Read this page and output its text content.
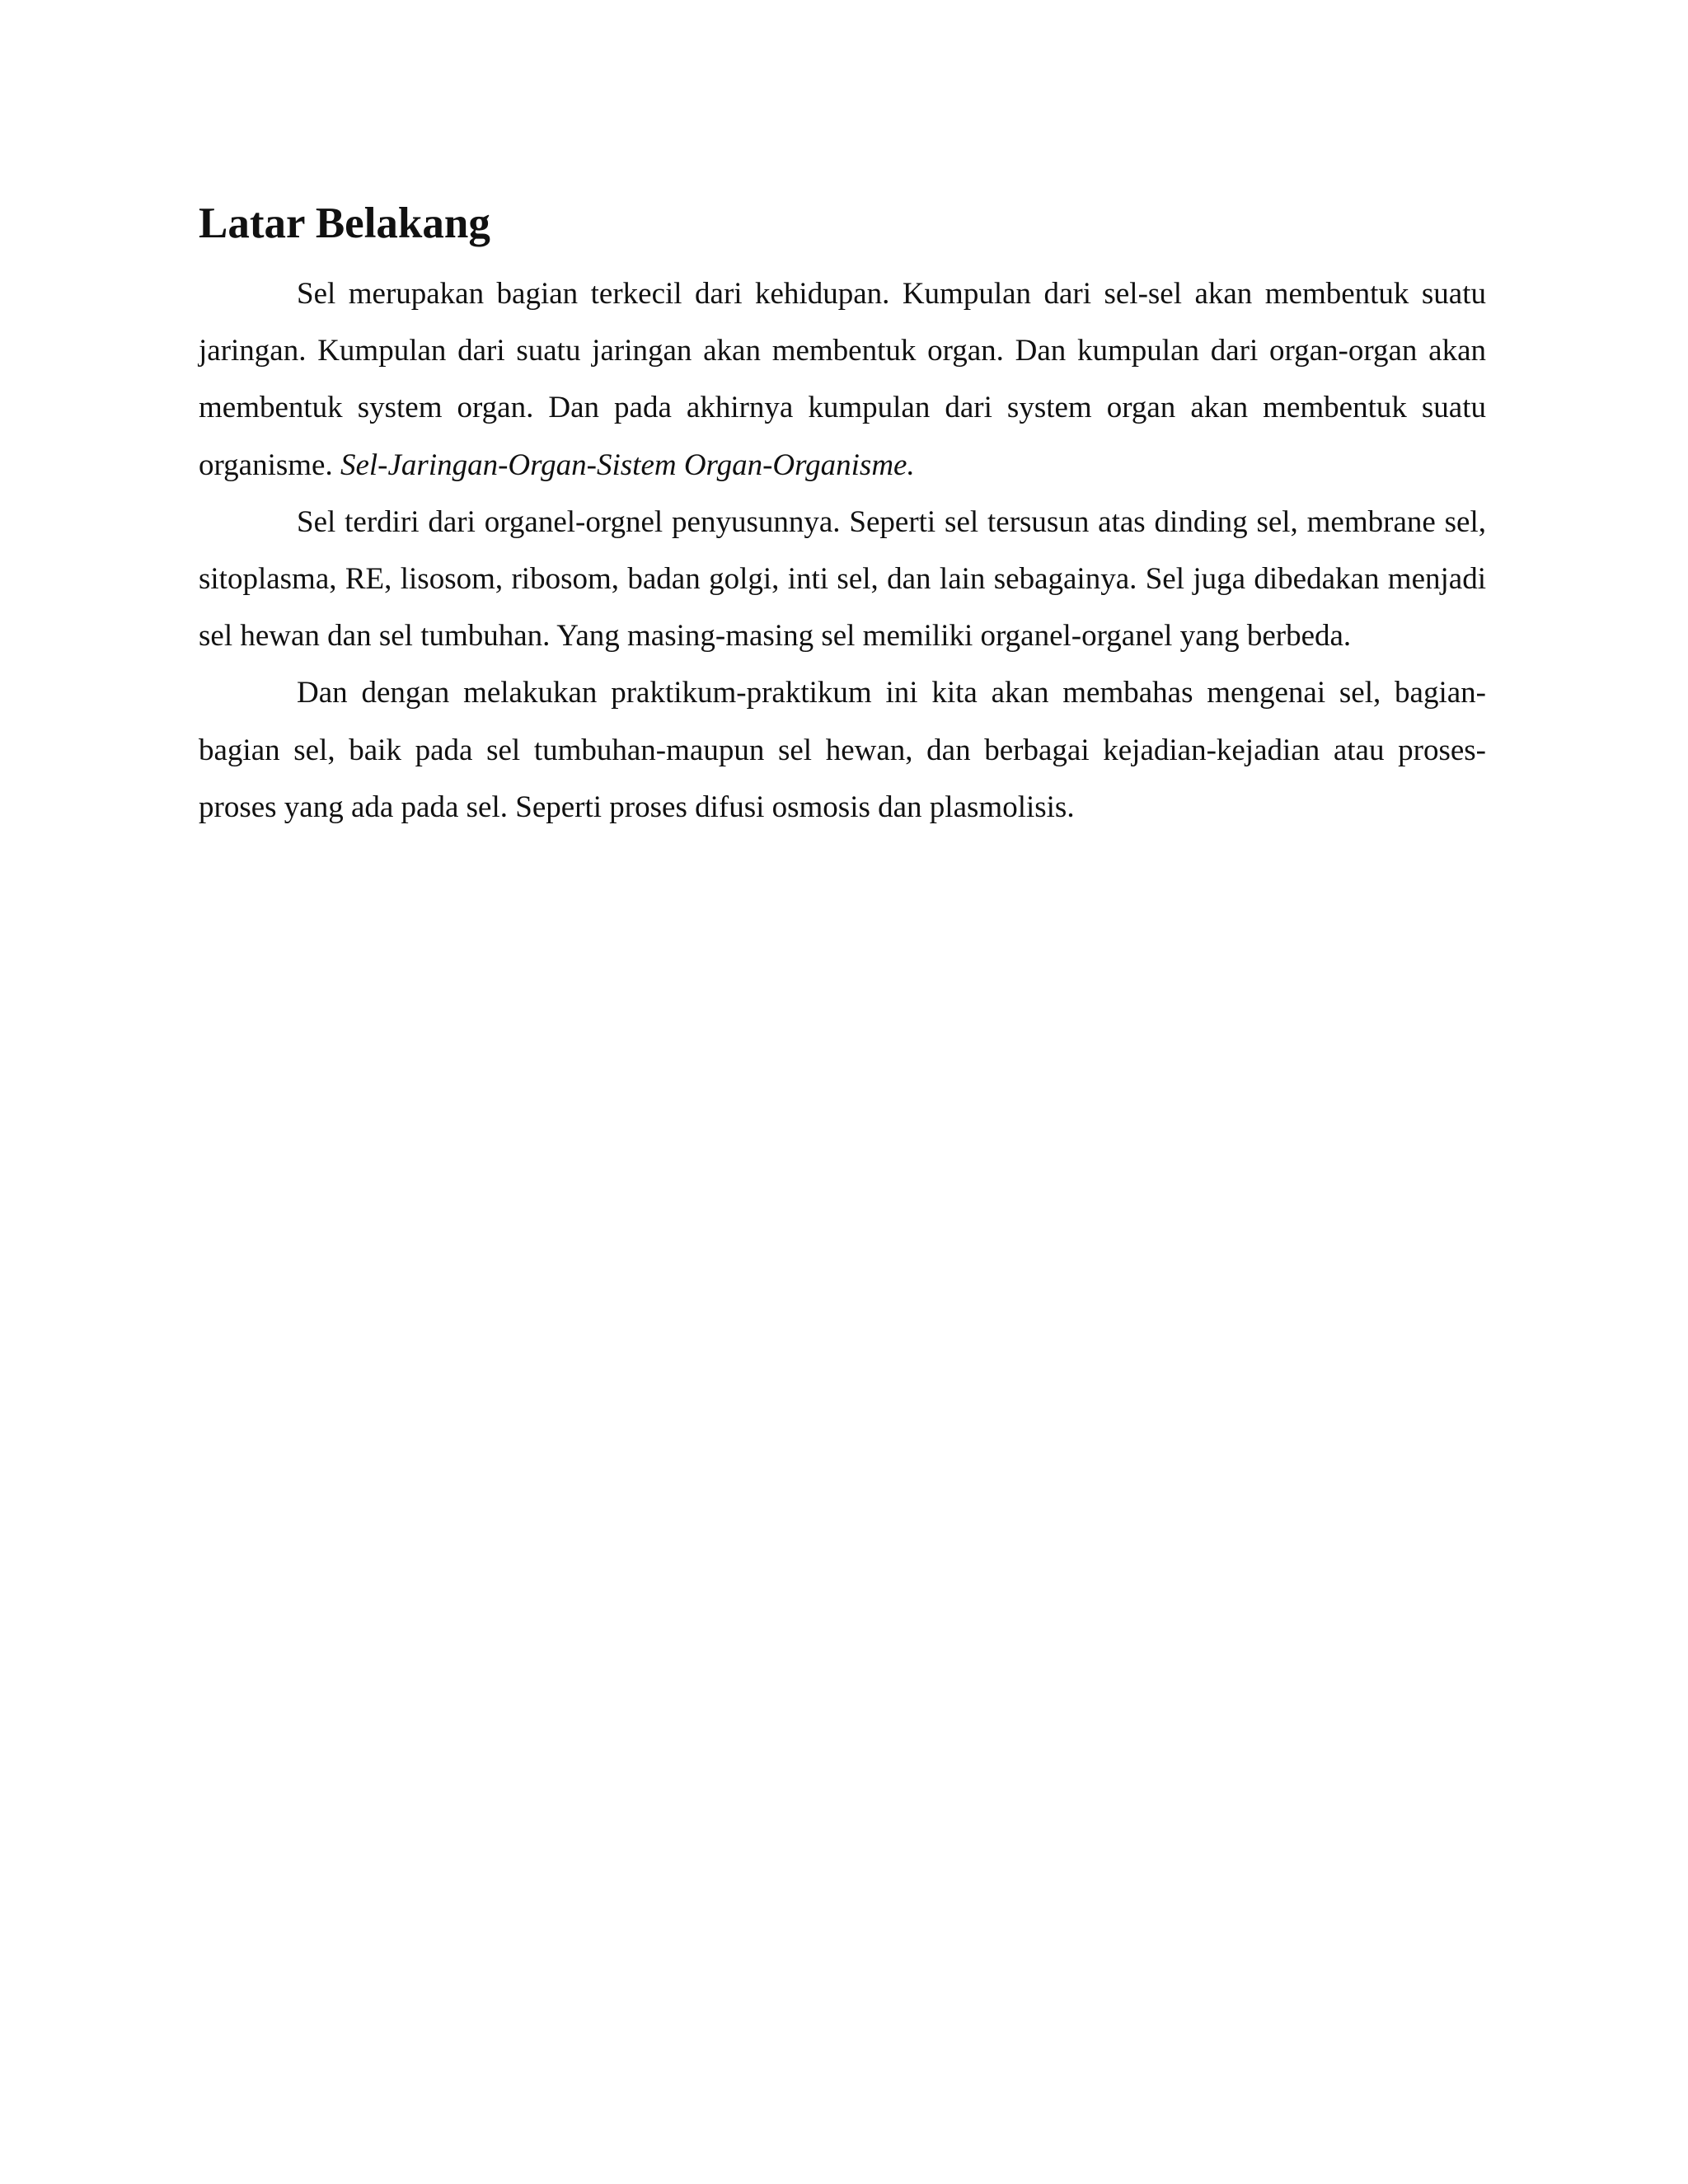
Latar Belakang

Sel merupakan bagian terkecil dari kehidupan. Kumpulan dari sel-sel akan membentuk suatu jaringan. Kumpulan dari suatu jaringan akan membentuk organ. Dan kumpulan dari organ-organ akan membentuk system organ. Dan pada akhirnya kumpulan dari system organ akan membentuk suatu organisme. Sel-Jaringan-Organ-Sistem Organ-Organisme.

Sel terdiri dari organel-orgnel penyusunnya. Seperti sel tersusun atas dinding sel, membrane sel, sitoplasma, RE, lisosom, ribosom, badan golgi, inti sel, dan lain sebagainya. Sel juga dibedakan menjadi sel hewan dan sel tumbuhan. Yang masing-masing sel memiliki organel-organel yang berbeda.

Dan dengan melakukan praktikum-praktikum ini kita akan membahas mengenai sel, bagian-bagian sel, baik pada sel tumbuhan-maupun sel hewan, dan berbagai kejadian-kejadian atau proses-proses yang ada pada sel. Seperti proses difusi osmosis dan plasmolisis.
